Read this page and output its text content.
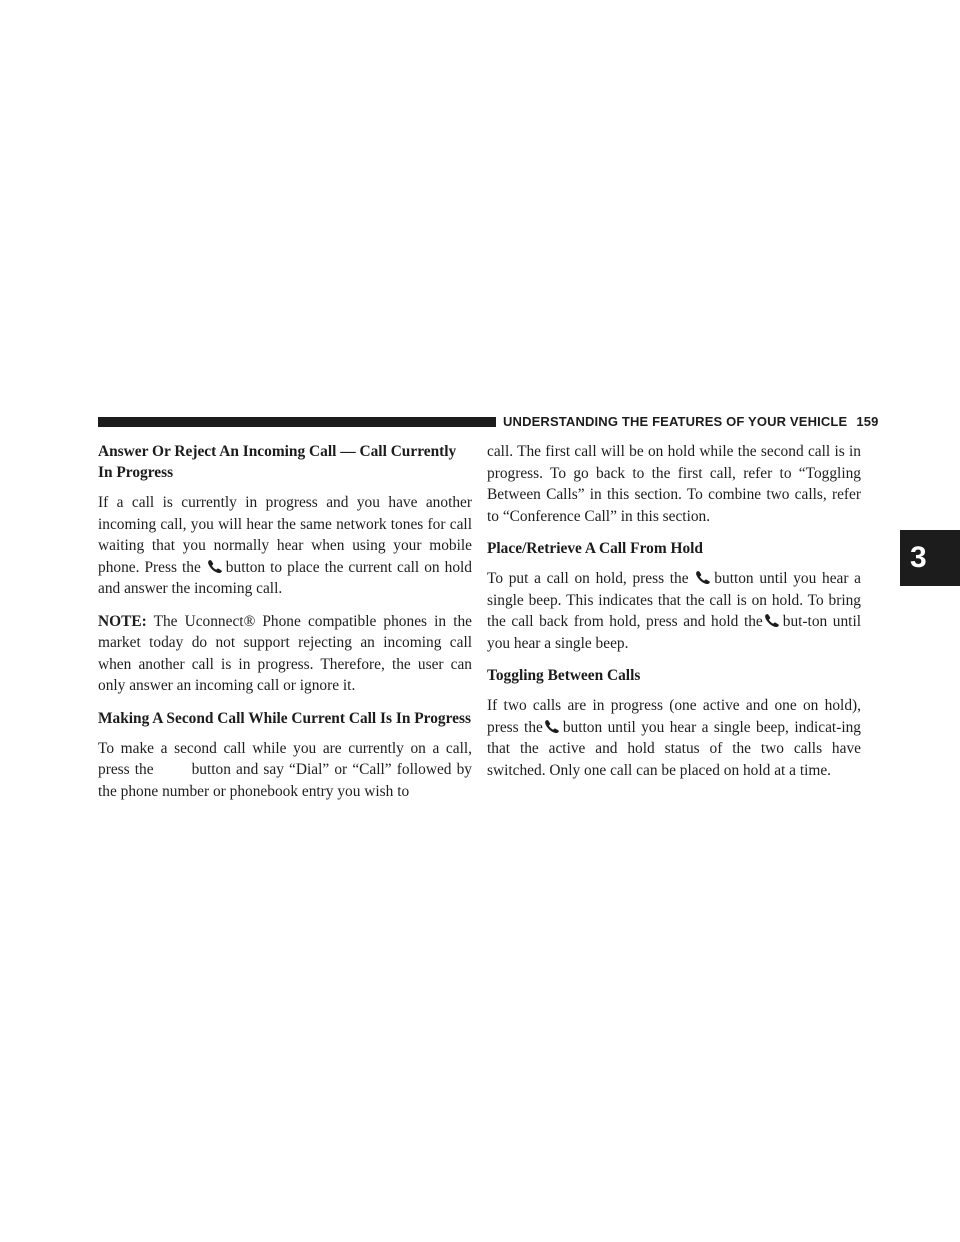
UNDERSTANDING THE FEATURES OF YOUR VEHICLE 159
3
Answer Or Reject An Incoming Call — Call Currently In Progress

If a call is currently in progress and you have another incoming call, you will hear the same network tones for call waiting that you normally hear when using your mobile phone. Press the button to place the current call on hold and answer the incoming call.

NOTE: The Uconnect® Phone compatible phones in the market today do not support rejecting an incoming call when another call is in progress. Therefore, the user can only answer an incoming call or ignore it.

Making A Second Call While Current Call Is In Progress

To make a second call while you are currently on a call, press the button and say “Dial” or “Call” followed by the phone number or phonebook entry you wish to

call. The first call will be on hold while the second call is in progress. To go back to the first call, refer to “Toggling Between Calls” in this section. To combine two calls, refer to “Conference Call” in this section.

Place/Retrieve A Call From Hold

To put a call on hold, press the button until you hear a single beep. This indicates that the call is on hold. To bring the call back from hold, press and hold the but-ton until you hear a single beep.

Toggling Between Calls

If two calls are in progress (one active and one on hold), press the button until you hear a single beep, indicat-ing that the active and hold status of the two calls have switched. Only one call can be placed on hold at a time.
